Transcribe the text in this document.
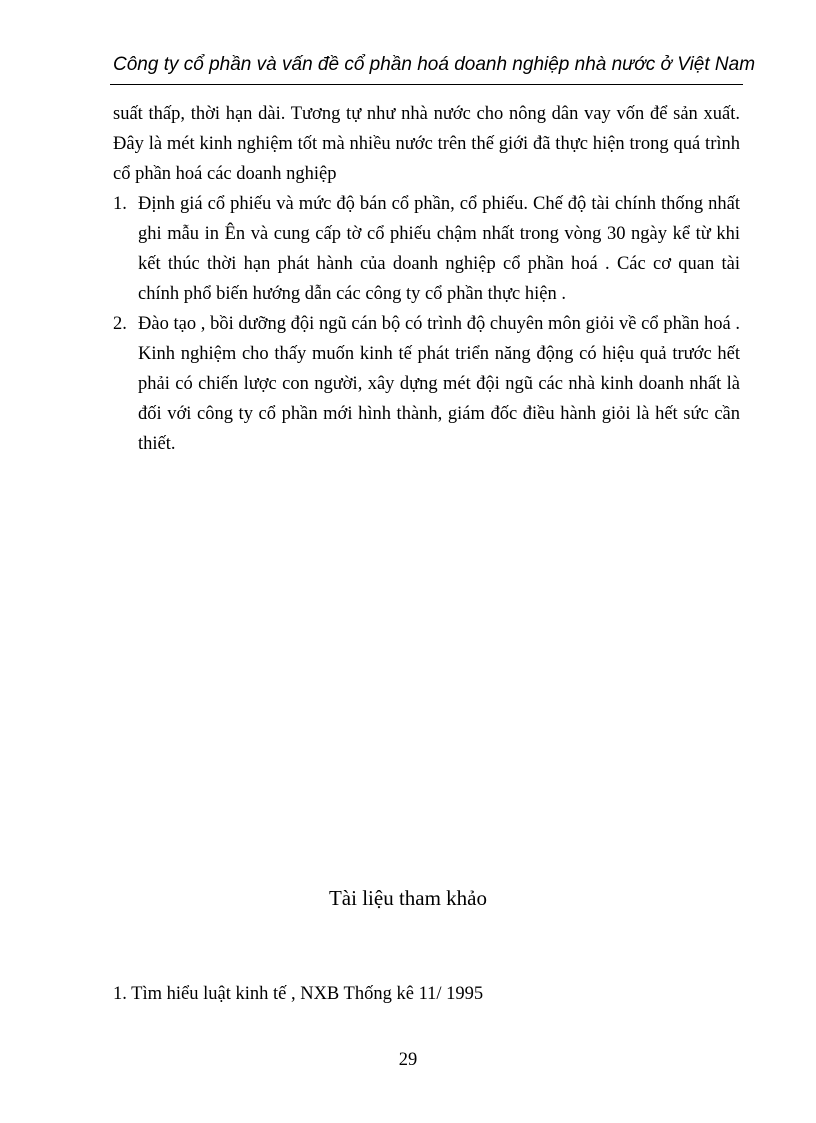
Công ty cổ phần và vấn đề cổ phần hoá doanh nghiệp nhà nước ở Việt Nam

suất thấp, thời hạn dài. Tương tự như nhà nước cho nông dân vay vốn để sản xuất. Đây là mét kinh nghiệm tốt mà nhiều nước trên thế giới đã thực hiện trong quá trình cổ phần hoá các doanh nghiệp

1. Định giá cổ phiếu và mức độ bán cổ phần, cổ phiếu. Chế độ tài chính thống nhất ghi mẫu in Ên và cung cấp tờ cổ phiếu chậm nhất trong vòng 30 ngày kể từ khi kết thúc thời hạn phát hành của doanh nghiệp cổ phần hoá . Các cơ quan tài chính phổ biến hướng dẫn các công ty cổ phần thực hiện .
2. Đào tạo , bồi dưỡng đội ngũ cán bộ có trình độ chuyên môn giỏi về cổ phần hoá . Kinh nghiệm cho thấy muốn kinh tế phát triển năng động có hiệu quả trước hết phải có chiến lược con người, xây dựng mét đội ngũ các nhà kinh doanh nhất là đối với công ty cổ phần mới hình thành, giám đốc điều hành giỏi là hết sức cần thiết.
Tài liệu tham khảo
1. Tìm hiểu luật kinh tế , NXB Thống kê 11/ 1995
29
